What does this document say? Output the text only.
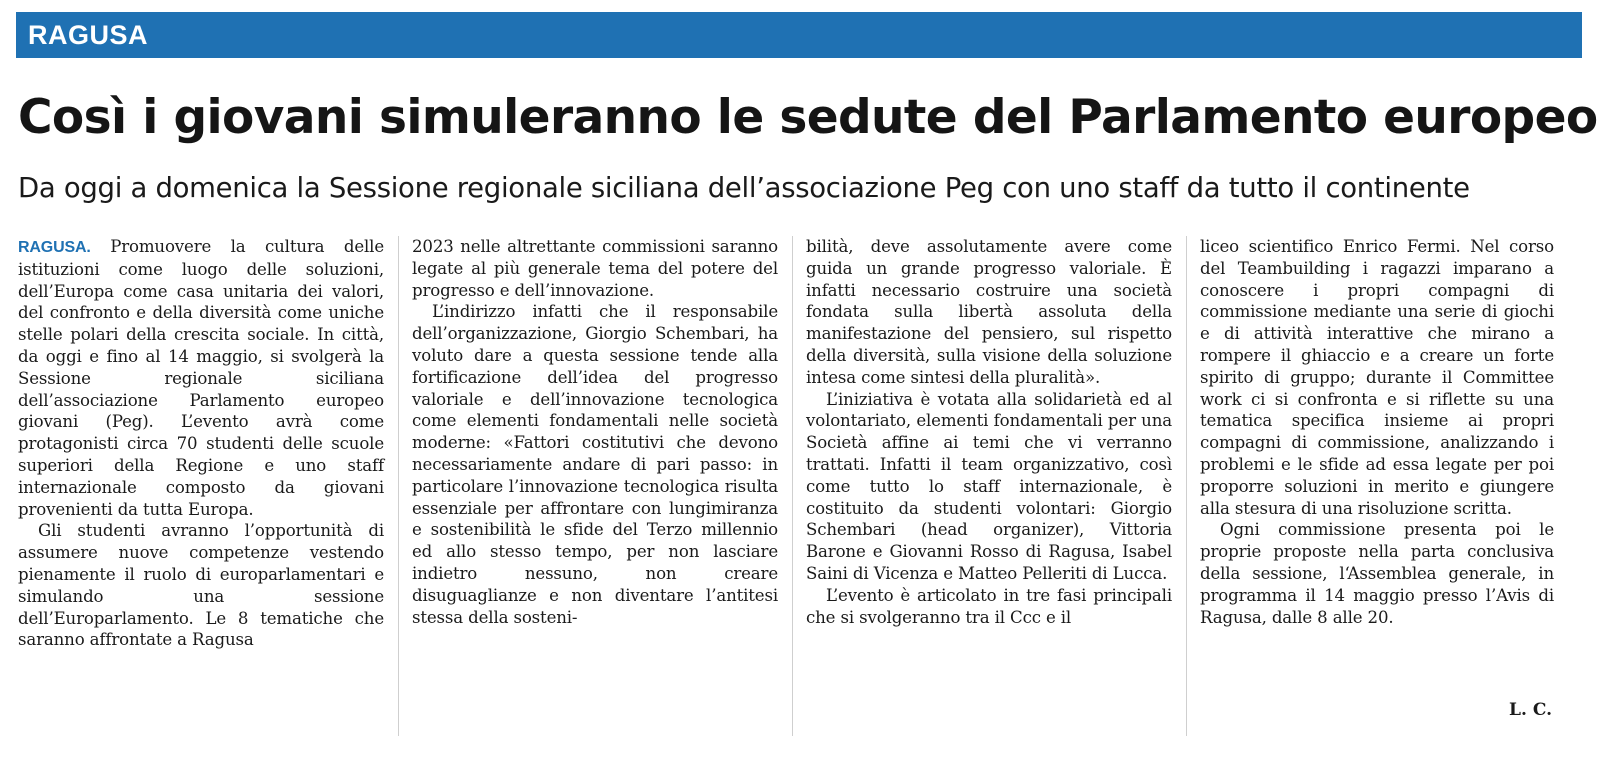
RAGUSA
Così i giovani simuleranno le sedute del Parlamento europeo
Da oggi a domenica la Sessione regionale siciliana dell’associazione Peg con uno staff da tutto il continente

RAGUSA. Promuovere la cultura delle istituzioni come luogo delle soluzioni, dell’Europa come casa unitaria dei valori, del confronto e della diversità come uniche stelle polari della crescita sociale. In città, da oggi e fino al 14 maggio, si svolgerà la Sessione regionale siciliana dell’associazione Parlamento europeo giovani (Peg). L’evento avrà come protagonisti circa 70 studenti delle scuole superiori della Regione e uno staff internazionale composto da giovani provenienti da tutta Europa.

Gli studenti avranno l’opportunità di assumere nuove competenze vestendo pienamente il ruolo di europarlamentari e simulando una sessione dell’Europarlamento. Le 8 tematiche che saranno affrontate a Ragusa

2023 nelle altrettante commissioni saranno legate al più generale tema del potere del progresso e dell’innovazione.

L’indirizzo infatti che il responsabile dell’organizzazione, Giorgio Schembari, ha voluto dare a questa sessione tende alla fortificazione dell’idea del progresso valoriale e dell’innovazione tecnologica come elementi fondamentali nelle società moderne: «Fattori costitutivi che devono necessariamente andare di pari passo: in particolare l’innovazione tecnologica risulta essenziale per affrontare con lungimiranza e sostenibilità le sfide del Terzo millennio ed allo stesso tempo, per non lasciare indietro nessuno, non creare disuguaglianze e non diventare l’antitesi stessa della sosteni-

bilità, deve assolutamente avere come guida un grande progresso valoriale. È infatti necessario costruire una società fondata sulla libertà assoluta della manifestazione del pensiero, sul rispetto della diversità, sulla visione della soluzione intesa come sintesi della pluralità».

L’iniziativa è votata alla solidarietà ed al volontariato, elementi fondamentali per una Società affine ai temi che vi verranno trattati. Infatti il team organizzativo, così come tutto lo staff internazionale, è costituito da studenti volontari: Giorgio Schembari (head organizer), Vittoria Barone e Giovanni Rosso di Ragusa, Isabel Saini di Vicenza e Matteo Pelleriti di Lucca.

L’evento è articolato in tre fasi principali che si svolgeranno tra il Ccc e il

liceo scientifico Enrico Fermi. Nel corso del Teambuilding i ragazzi imparano a conoscere i propri compagni di commissione mediante una serie di giochi e di attività interattive che mirano a rompere il ghiaccio e a creare un forte spirito di gruppo; durante il Committee work ci si confronta e si riflette su una tematica specifica insieme ai propri compagni di commissione, analizzando i problemi e le sfide ad essa legate per poi proporre soluzioni in merito e giungere alla stesura di una risoluzione scritta.

Ogni commissione presenta poi le proprie proposte nella parta conclusiva della sessione, l‘Assemblea generale, in programma il 14 maggio presso l’Avis di Ragusa, dalle 8 alle 20.

L. C.
